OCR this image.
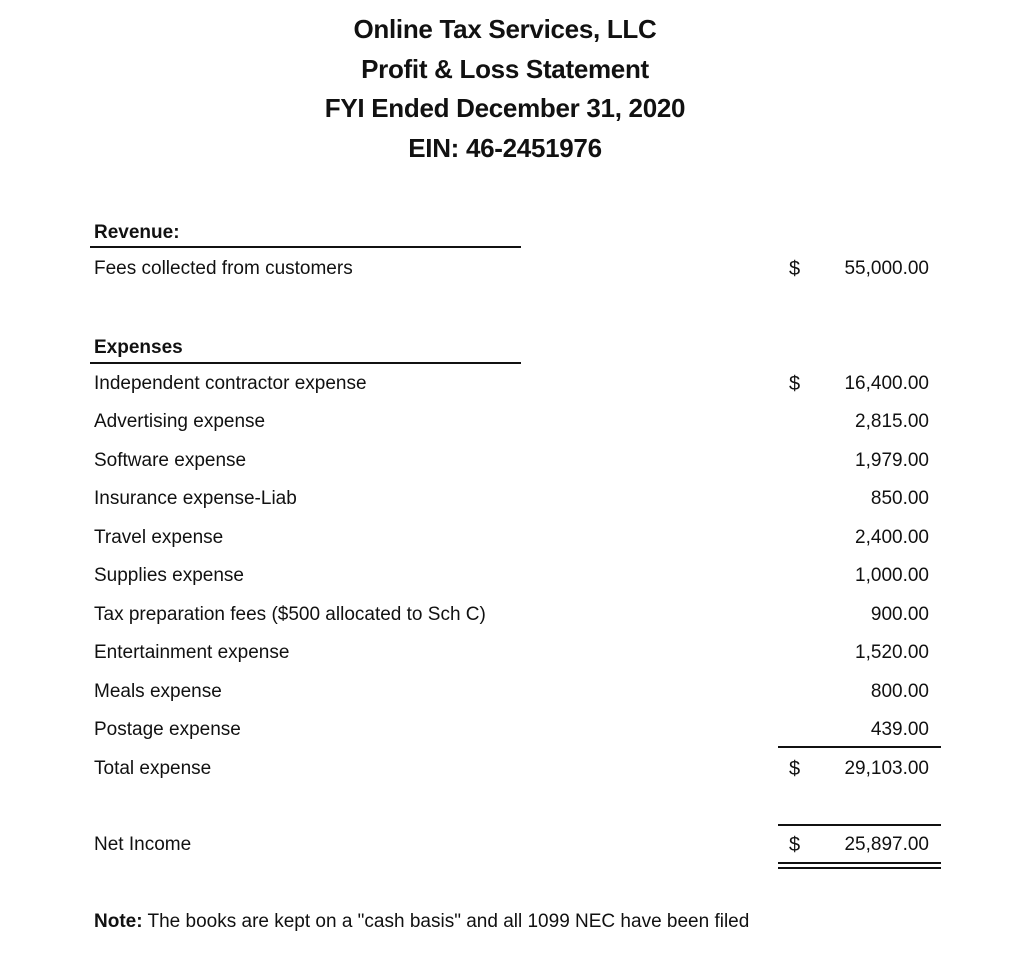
Online Tax Services, LLC
Profit & Loss Statement
FYI Ended December 31, 2020
EIN: 46-2451976
Revenue:
Fees collected from customers	$ 55,000.00
Expenses
Independent contractor expense	$ 16,400.00
Advertising expense	2,815.00
Software expense	1,979.00
Insurance expense-Liab	850.00
Travel expense	2,400.00
Supplies expense	1,000.00
Tax preparation fees ($500 allocated to Sch C)	900.00
Entertainment expense	1,520.00
Meals expense	800.00
Postage expense	439.00
Total expense	$ 29,103.00
Net Income	$ 25,897.00
Note: The books are kept on a "cash basis" and all 1099 NEC have been filed
